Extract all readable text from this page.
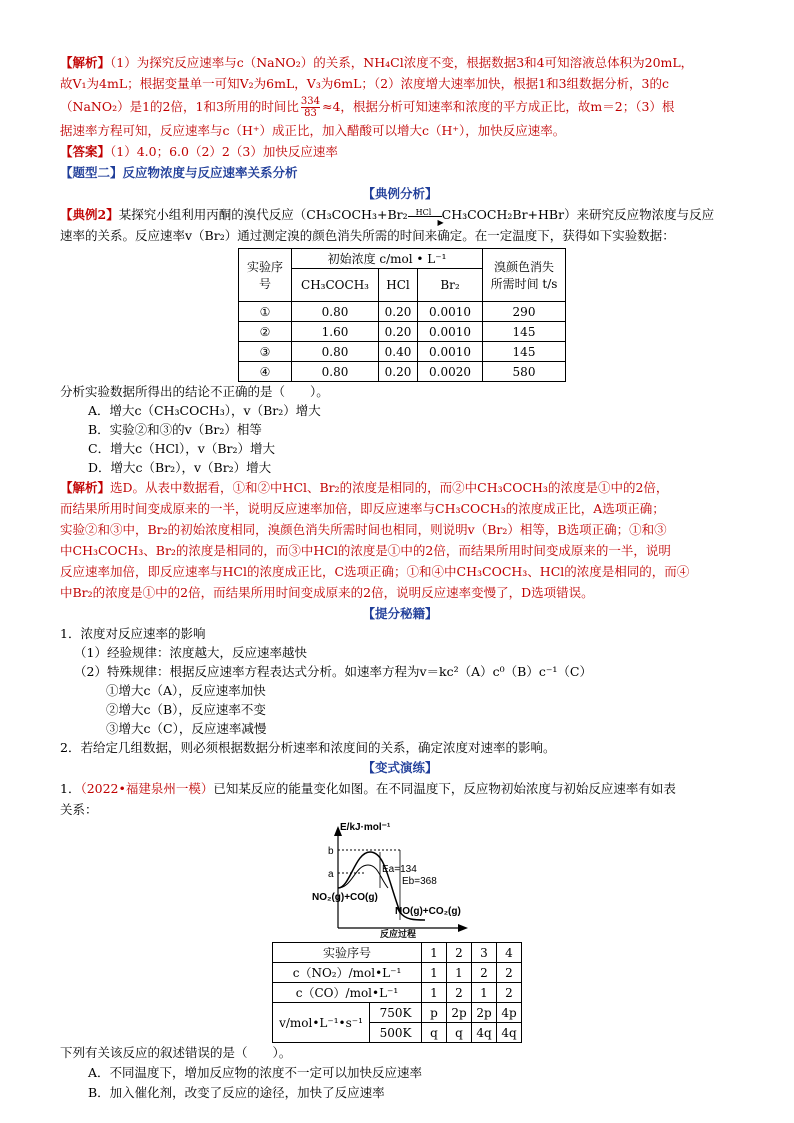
【解析】（1）为探究反应速率与c（NaNO₂）的关系，NH₄Cl浓度不变，根据数据3和4可知溶液总体积为20mL，
故V₁为4mL；根据变量单一可知V₂为6mL，V₃为6mL；（2）浓度增大速率加快，根据1和3组数据分析，3的c
（NaNO₂）是1的2倍，1和3所用的时间比 $\frac{334}{83} \approx 4$，根据分析可知速率和浓度的平方成正比，故m＝2；（3）根
据速率方程可知，反应速率与c（H⁺）成正比，加入醋酸可以增大c（H⁺），加快反应速率。
【答案】（1）4.0；6.0（2）2（3）加快反应速率
【题型二】反应物浓度与反应速率关系分析
【典例分析】
【典例2】某探究小组利用丙酮的溴代反应（CH₃COCH₃+Br₂ HCl
▶
CH₃COCH₂Br+HBr）来研究反应物浓度与反应
速率的关系。反应速率v（Br₂）通过测定溴的颜色消失所需的时间来确定。在一定温度下，获得如下实验数据：
实验序号	初始浓度 c/mol • L⁻¹			溴颜色消失所需时间 t/s

	CH₃COCH₃	HCl	Br₂	
①	0.80	0.20	0.0010	290
②	1.60	0.20	0.0010	145
③	0.80	0.40	0.0010	145
④	0.80	0.20	0.0020	580
分析实验数据所得出的结论不正确的是（　　）。
A．增大c（CH₃COCH₃），v（Br₂）增大
B．实验②和③的v（Br₂）相等
C．增大c（HCl），v（Br₂）增大
D．增大c（Br₂），v（Br₂）增大
【解析】选D。从表中数据看，①和②中HCl、Br₂的浓度是相同的，而②中CH₃COCH₃的浓度是①中的2倍，
而结果所用时间变成原来的一半，说明反应速率加倍，即反应速率与CH₃COCH₃的浓度成正比，A选项正确；
实验②和③中，Br₂的初始浓度相同，溴颜色消失所需时间也相同，则说明v（Br₂）相等，B选项正确；①和③
中CH₃COCH₃、Br₂的浓度是相同的，而③中HCl的浓度是①中的2倍，而结果所用时间变成原来的一半，说明
反应速率加倍，即反应速率与HCl的浓度成正比，C选项正确；①和④中CH₃COCH₃、HCl的浓度是相同的，而④
中Br₂的浓度是①中的2倍，而结果所用时间变成原来的2倍，说明反应速率变慢了，D选项错误。
【提分秘籍】
1．浓度对反应速率的影响
（1）经验规律：浓度越大，反应速率越快
（2）特殊规律：根据反应速率方程表达式分析。如速率方程为v＝kc²（A）c⁰（B）c⁻¹（C）
①增大c（A），反应速率加快
②增大c（B），反应速率不变
③增大c（C），反应速率减慢
2．若给定几组数据，则必须根据数据分析速率和浓度间的关系，确定浓度对速率的影响。
【变式演练】
1．（2022•福建泉州一模）已知某反应的能量变化如图。在不同温度下，反应物初始浓度与初始反应速率有如表
关系：
E/kJ·mol⁻¹
b
a	Ea=134
Eb=368
NO₂(g)+CO(g)
NO(g)+CO₂(g)
反应过程
实验序号		1	2	3	4
c（NO₂）/mol•L⁻¹		1	1	2	2
c（CO）/mol•L⁻¹		1	2	1	2

v/mol•L⁻¹•s⁻¹	750K	p	2p	2p	4p
	500K	q	q	4q	4q
下列有关该反应的叙述错误的是（　　）。
A．不同温度下，增加反应物的浓度不一定可以加快反应速率
B．加入催化剂，改变了反应的途径，加快了反应速率
